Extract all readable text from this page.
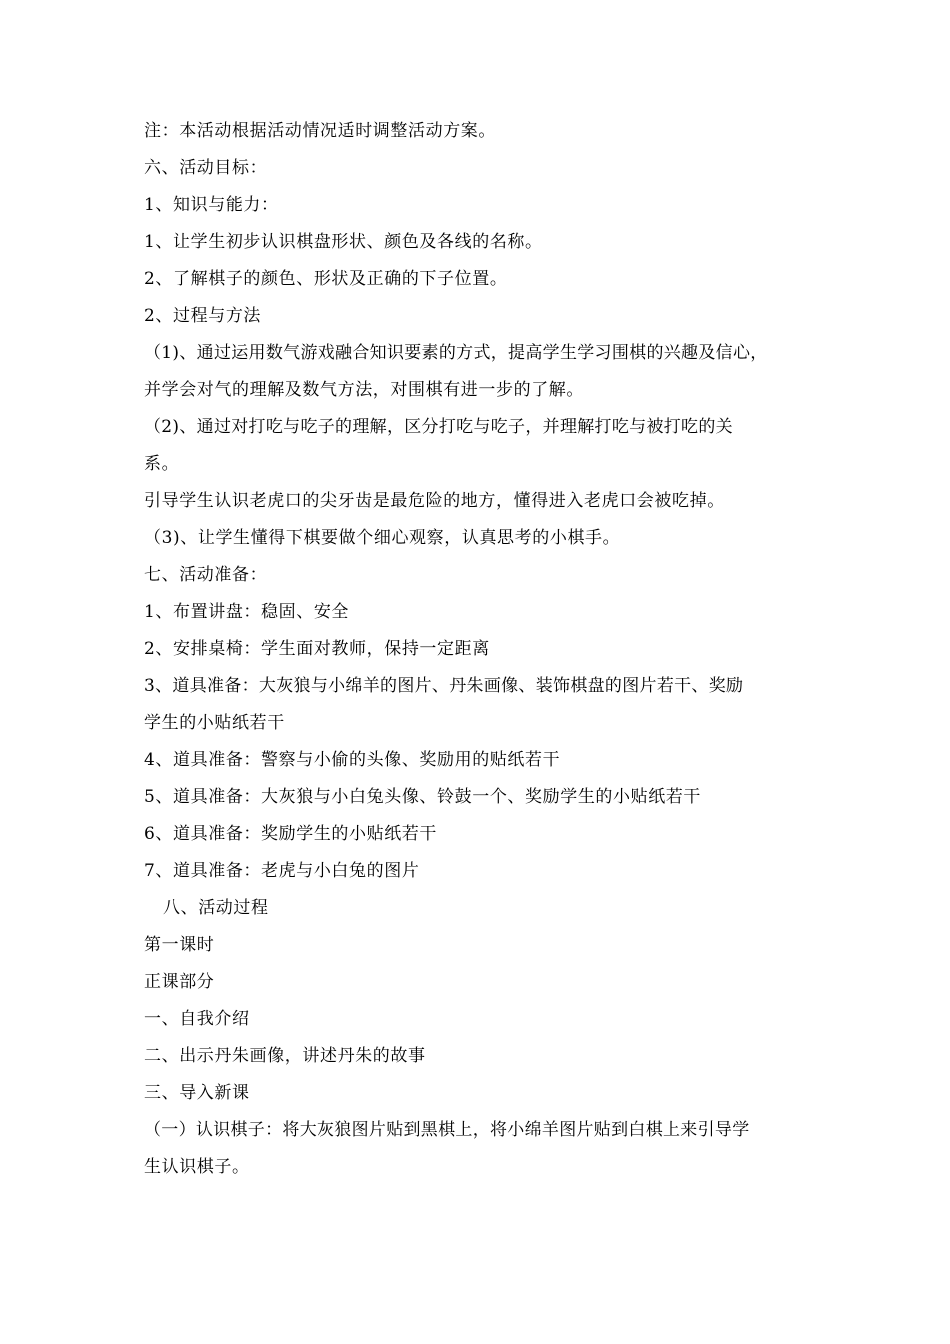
注：本活动根据活动情况适时调整活动方案。
六、活动目标：
1、知识与能力：
1、让学生初步认识棋盘形状、颜色及各线的名称。
2、了解棋子的颜色、形状及正确的下子位置。
2、过程与方法
（1)、通过运用数气游戏融合知识要素的方式，提高学生学习围棋的兴趣及信心，
并学会对气的理解及数气方法，对围棋有进一步的了解。
（2)、通过对打吃与吃子的理解，区分打吃与吃子，并理解打吃与被打吃的关
系。
引导学生认识老虎口的尖牙齿是最危险的地方，懂得进入老虎口会被吃掉。
（3)、让学生懂得下棋要做个细心观察，认真思考的小棋手。
七、活动准备：
1、布置讲盘：稳固、安全
2、安排桌椅：学生面对教师，保持一定距离
3、道具准备：大灰狼与小绵羊的图片、丹朱画像、装饰棋盘的图片若干、奖励
学生的小贴纸若干
4、道具准备：警察与小偷的头像、奖励用的贴纸若干
5、道具准备：大灰狼与小白兔头像、铃鼓一个、奖励学生的小贴纸若干
6、道具准备：奖励学生的小贴纸若干
7、道具准备：老虎与小白兔的图片
八、活动过程
第一课时
正课部分
一、自我介绍
二、出示丹朱画像，讲述丹朱的故事
三、导入新课
（一）认识棋子：将大灰狼图片贴到黑棋上，将小绵羊图片贴到白棋上来引导学
生认识棋子。
